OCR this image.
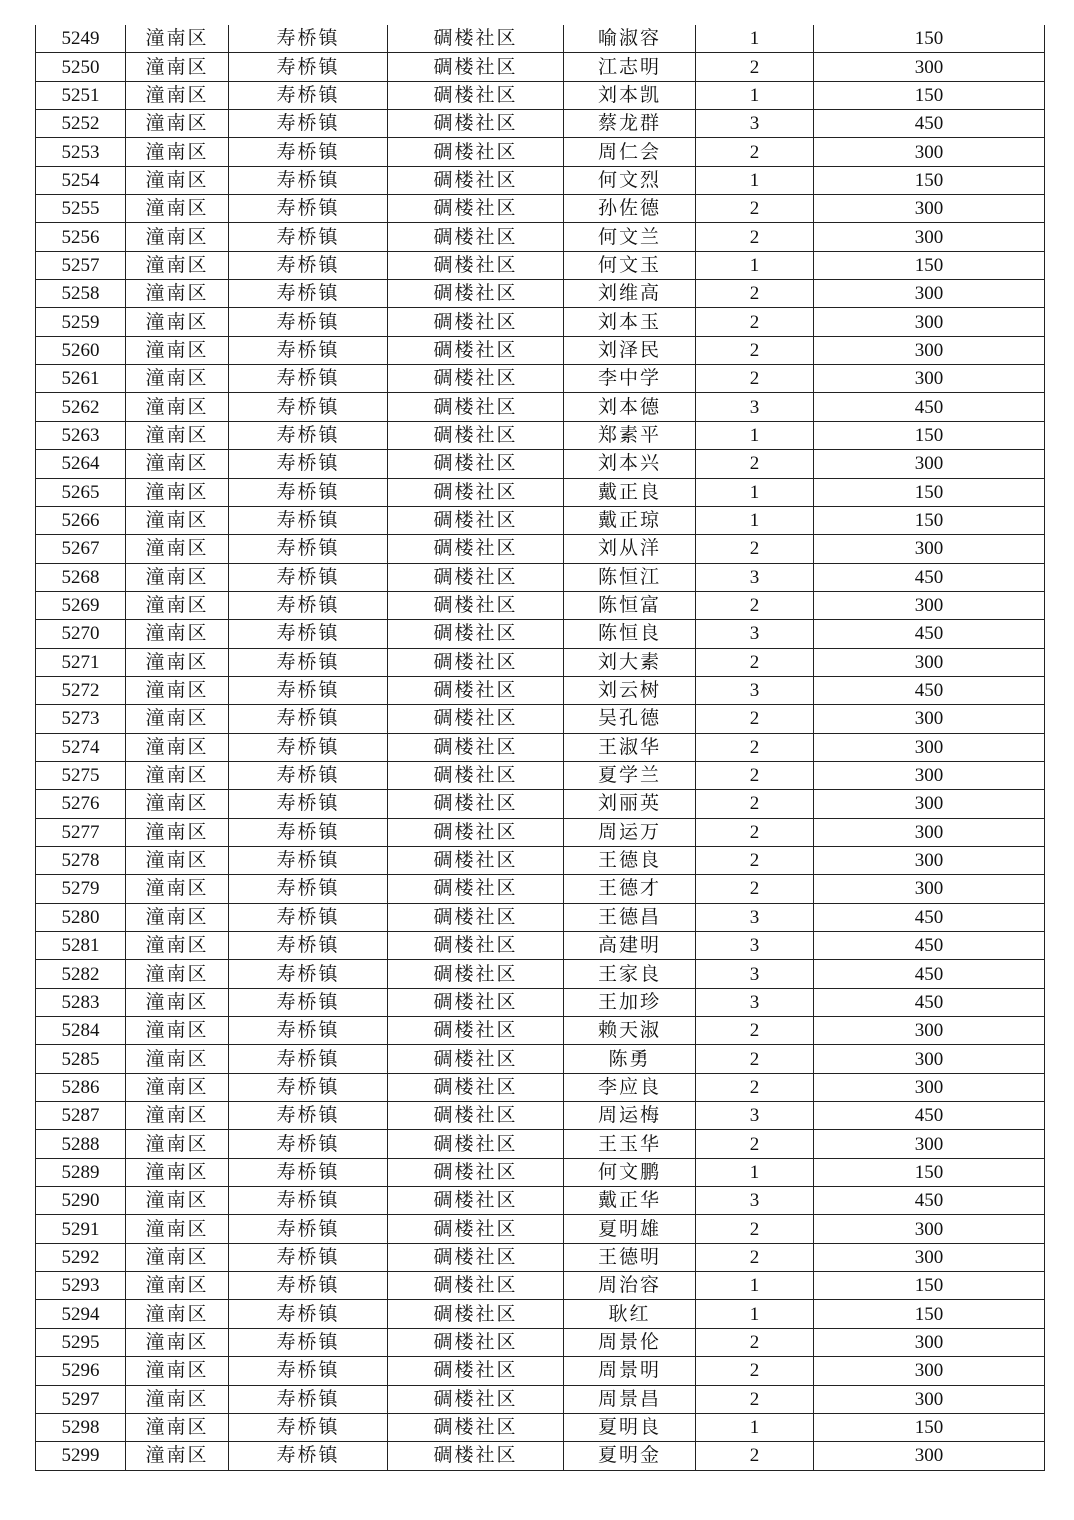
5249	潼南区	寿桥镇	碉楼社区	喻淑容	1	150
5250	潼南区	寿桥镇	碉楼社区	江志明	2	300
5251	潼南区	寿桥镇	碉楼社区	刘本凯	1	150
5252	潼南区	寿桥镇	碉楼社区	蔡龙群	3	450
5253	潼南区	寿桥镇	碉楼社区	周仁会	2	300
5254	潼南区	寿桥镇	碉楼社区	何文烈	1	150
5255	潼南区	寿桥镇	碉楼社区	孙佐德	2	300
5256	潼南区	寿桥镇	碉楼社区	何文兰	2	300
5257	潼南区	寿桥镇	碉楼社区	何文玉	1	150
5258	潼南区	寿桥镇	碉楼社区	刘维高	2	300
5259	潼南区	寿桥镇	碉楼社区	刘本玉	2	300
5260	潼南区	寿桥镇	碉楼社区	刘泽民	2	300
5261	潼南区	寿桥镇	碉楼社区	李中学	2	300
5262	潼南区	寿桥镇	碉楼社区	刘本德	3	450
5263	潼南区	寿桥镇	碉楼社区	郑素平	1	150
5264	潼南区	寿桥镇	碉楼社区	刘本兴	2	300
5265	潼南区	寿桥镇	碉楼社区	戴正良	1	150
5266	潼南区	寿桥镇	碉楼社区	戴正琼	1	150
5267	潼南区	寿桥镇	碉楼社区	刘从洋	2	300
5268	潼南区	寿桥镇	碉楼社区	陈恒江	3	450
5269	潼南区	寿桥镇	碉楼社区	陈恒富	2	300
5270	潼南区	寿桥镇	碉楼社区	陈恒良	3	450
5271	潼南区	寿桥镇	碉楼社区	刘大素	2	300
5272	潼南区	寿桥镇	碉楼社区	刘云树	3	450
5273	潼南区	寿桥镇	碉楼社区	吴孔德	2	300
5274	潼南区	寿桥镇	碉楼社区	王淑华	2	300
5275	潼南区	寿桥镇	碉楼社区	夏学兰	2	300
5276	潼南区	寿桥镇	碉楼社区	刘丽英	2	300
5277	潼南区	寿桥镇	碉楼社区	周运万	2	300
5278	潼南区	寿桥镇	碉楼社区	王德良	2	300
5279	潼南区	寿桥镇	碉楼社区	王德才	2	300
5280	潼南区	寿桥镇	碉楼社区	王德昌	3	450
5281	潼南区	寿桥镇	碉楼社区	高建明	3	450
5282	潼南区	寿桥镇	碉楼社区	王家良	3	450
5283	潼南区	寿桥镇	碉楼社区	王加珍	3	450
5284	潼南区	寿桥镇	碉楼社区	赖天淑	2	300
5285	潼南区	寿桥镇	碉楼社区	陈勇	2	300
5286	潼南区	寿桥镇	碉楼社区	李应良	2	300
5287	潼南区	寿桥镇	碉楼社区	周运梅	3	450
5288	潼南区	寿桥镇	碉楼社区	王玉华	2	300
5289	潼南区	寿桥镇	碉楼社区	何文鹏	1	150
5290	潼南区	寿桥镇	碉楼社区	戴正华	3	450
5291	潼南区	寿桥镇	碉楼社区	夏明雄	2	300
5292	潼南区	寿桥镇	碉楼社区	王德明	2	300
5293	潼南区	寿桥镇	碉楼社区	周治容	1	150
5294	潼南区	寿桥镇	碉楼社区	耿红	1	150
5295	潼南区	寿桥镇	碉楼社区	周景伦	2	300
5296	潼南区	寿桥镇	碉楼社区	周景明	2	300
5297	潼南区	寿桥镇	碉楼社区	周景昌	2	300
5298	潼南区	寿桥镇	碉楼社区	夏明良	1	150
5299	潼南区	寿桥镇	碉楼社区	夏明金	2	300
